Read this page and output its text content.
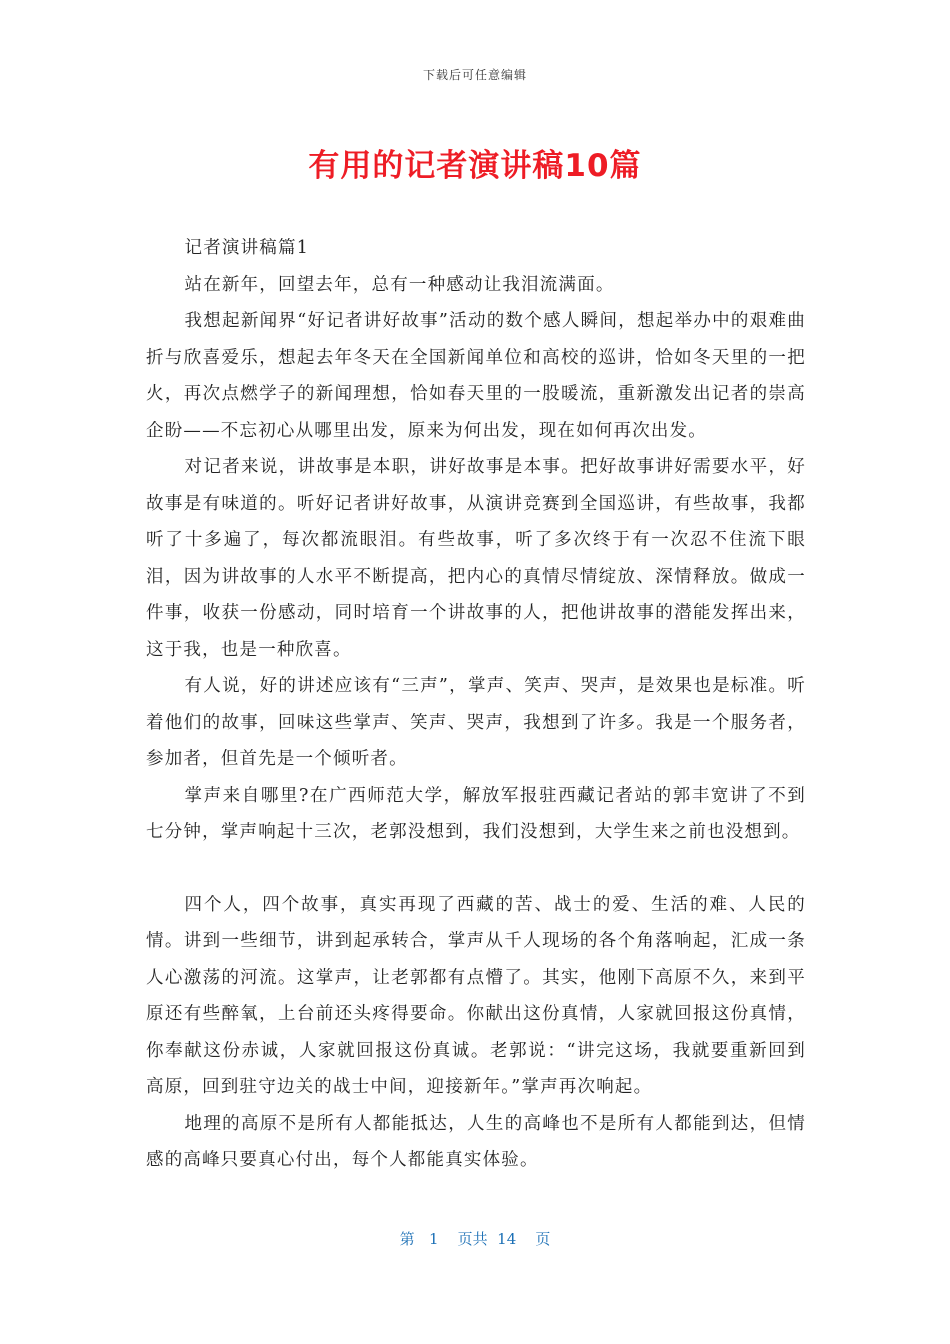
下载后可任意编辑
有用的记者演讲稿10篇

记者演讲稿篇1

站在新年，回望去年，总有一种感动让我泪流满面。

我想起新闻界“好记者讲好故事”活动的数个感人瞬间，想起举办中的艰难曲折与欣喜爱乐，想起去年冬天在全国新闻单位和高校的巡讲，恰如冬天里的一把火，再次点燃学子的新闻理想，恰如春天里的一股暖流，重新激发出记者的崇高企盼——不忘初心从哪里出发，原来为何出发，现在如何再次出发。

对记者来说，讲故事是本职，讲好故事是本事。把好故事讲好需要水平，好故事是有味道的。听好记者讲好故事，从演讲竞赛到全国巡讲，有些故事，我都听了十多遍了，每次都流眼泪。有些故事，听了多次终于有一次忍不住流下眼泪，因为讲故事的人水平不断提高，把内心的真情尽情绽放、深情释放。做成一件事，收获一份感动，同时培育一个讲故事的人，把他讲故事的潜能发挥出来，这于我，也是一种欣喜。

有人说，好的讲述应该有“三声”，掌声、笑声、哭声，是效果也是标准。听着他们的故事，回味这些掌声、笑声、哭声，我想到了许多。我是一个服务者，参加者，但首先是一个倾听者。

掌声来自哪里?在广西师范大学，解放军报驻西藏记者站的郭丰宽讲了不到七分钟，掌声响起十三次，老郭没想到，我们没想到，大学生来之前也没想到。

四个人，四个故事，真实再现了西藏的苦、战士的爱、生活的难、人民的情。讲到一些细节，讲到起承转合，掌声从千人现场的各个角落响起，汇成一条人心激荡的河流。这掌声，让老郭都有点懵了。其实，他刚下高原不久，来到平原还有些醉氧，上台前还头疼得要命。你献出这份真情，人家就回报这份真情，你奉献这份赤诚，人家就回报这份真诚。老郭说：“讲完这场，我就要重新回到高原，回到驻守边关的战士中间，迎接新年。”掌声再次响起。

地理的高原不是所有人都能抵达，人生的高峰也不是所有人都能到达，但情感的高峰只要真心付出，每个人都能真实体验。

第 1 页共 14 页
